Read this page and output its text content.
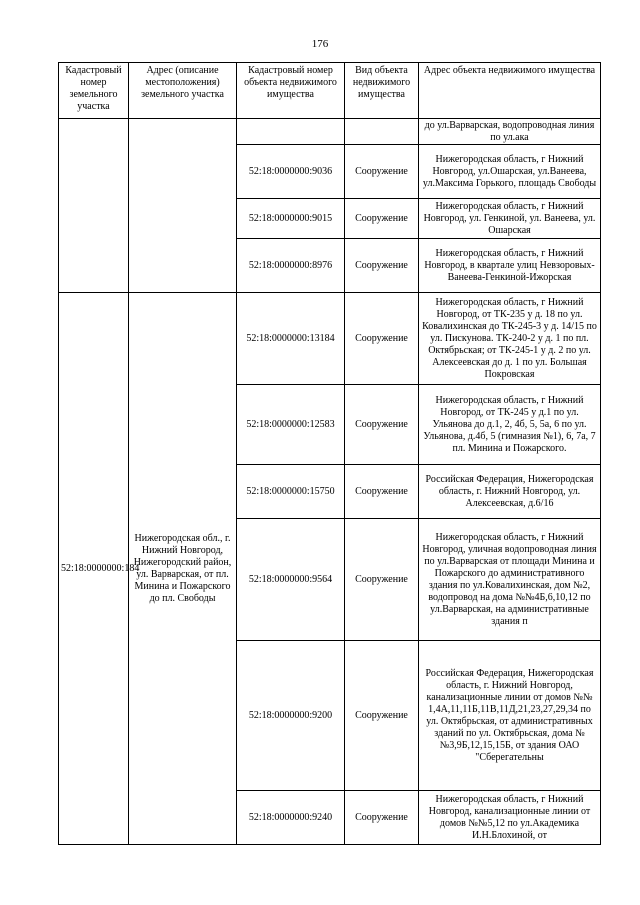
176
Кадастровый номер земельного участка	Адрес (описание местоположения) земельного участка	Кадастровый номер объекта недвижимого имущества	Вид объекта недвижимого имущества	Адрес объекта недвижимого имущества
				до ул.Варварская, водопроводная линия по ул.ака
		52:18:0000000:9036	Сооружение	Нижегородская область, г Нижний Новгород, ул.Ошарская, ул.Ванеева, ул.Максима Горького, площадь Свободы
		52:18:0000000:9015	Сооружение	Нижегородская область, г Нижний Новгород, ул. Генкиной, ул. Ванеева, ул. Ошарская
		52:18:0000000:8976	Сооружение	Нижегородская область, г Нижний Новгород, в квартале улиц Невзоровых-Ванеева-Генкиной-Ижорская
52:18:0000000:184	Нижегородская обл., г. Нижний Новгород, Нижегородский район, ул. Варварская, от пл. Минина и Пожарского до пл. Свободы	52:18:0000000:13184	Сооружение	Нижегородская область, г Нижний Новгород, от ТК-235 у д. 18 по ул. Ковалихинская до ТК-245-3 у д. 14/15 по ул. Пискунова. ТК-240-2 у д. 1 по пл. Октябрьская; от ТК-245-1 у д. 2 по ул. Алексеевская до д. 1 по ул. Большая Покровская
		52:18:0000000:12583	Сооружение	Нижегородская область, г Нижний Новгород, от ТК-245 у д.1 по ул. Ульянова до д.1, 2, 4б, 5, 5а, 6 по ул. Ульянова, д.4б, 5 (гимназия №1), 6, 7а, 7 пл. Минина и Пожарского.
		52:18:0000000:15750	Сооружение	Российская Федерация, Нижегородская область, г. Нижний Новгород, ул. Алексеевская, д.6/16
		52:18:0000000:9564	Сооружение	Нижегородская область, г Нижний Новгород, уличная водопроводная линия по ул.Варварская от площади Минина и Пожарского до административного здания по ул.Ковалихинская, дом №2, водопровод на дома №№4Б,6,10,12 по ул.Варварская, на административные здания п
		52:18:0000000:9200	Сооружение	Российская Федерация, Нижегородская область, г. Нижний Новгород, канализационные линии от домов №№ 1,4А,11,11Б,11В,11Д,21,23,27,29,34 по ул. Октябрьская, от административных зданий по ул. Октябрьская, дома №№3,9Б,12,15,15Б, от здания ОАО "Сберегательны
		52:18:0000000:9240	Сооружение	Нижегородская область, г Нижний Новгород, канализационные линии от домов №№5,12 по ул.Академика И.Н.Блохиной, от
